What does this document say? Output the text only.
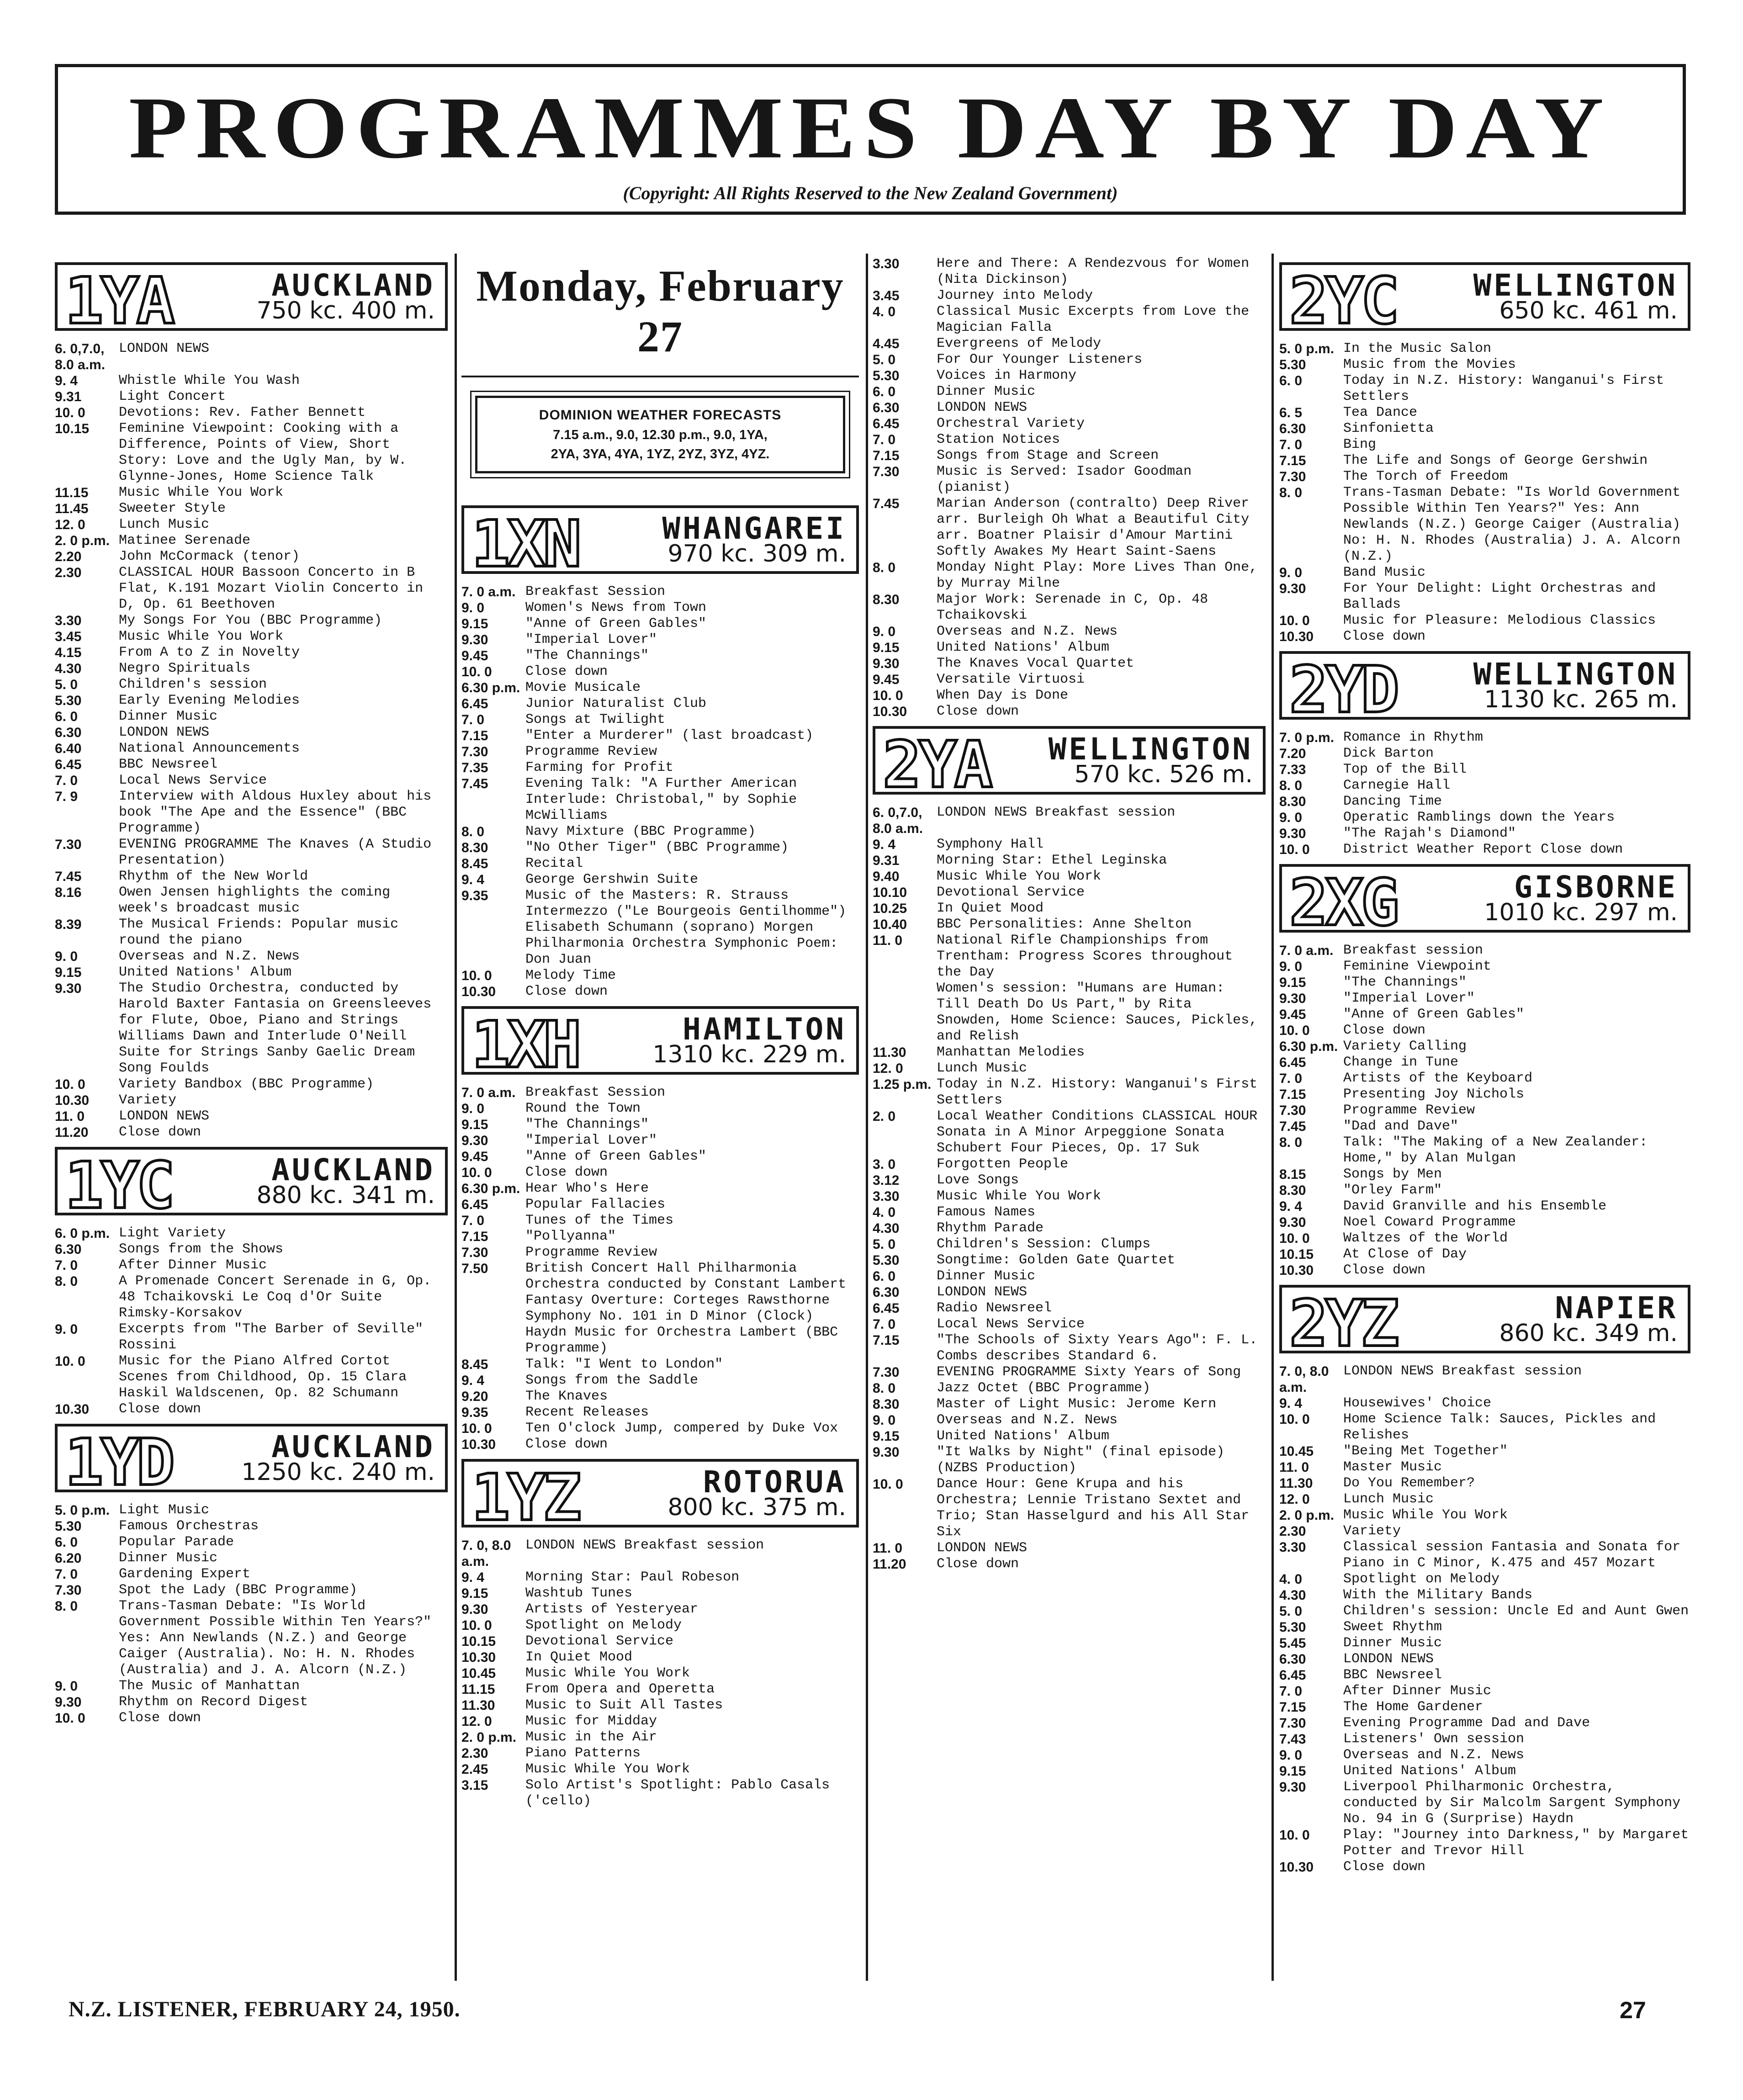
PROGRAMMES DAY BY DAY
(Copyright: All Rights Reserved to the New Zealand Government)
1YA	AUCKLAND
750 kc. 400 m.
6. 0,7.0, 8.0 a.m.
LONDON NEWS
9. 4	Whistle While You Wash
9.31	Light Concert
10. 0	Devotions: Rev. Father Bennett
10.15	Feminine Viewpoint: Cooking with a Difference, Points of View, Short Story: Love and the Ugly Man, by W. Glynne-Jones, Home Science Talk
11.15	Music While You Work
11.45	Sweeter Style
12. 0	Lunch Music
2. 0 p.m. Matinee Serenade
2.20	John McCormack (tenor)
2.30	CLASSICAL HOUR Bassoon Concerto in B Flat, K.191 Mozart Violin Concerto in D, Op. 61 Beethoven
3.30	My Songs For You (BBC Programme)
3.45	Music While You Work
4.15	From A to Z in Novelty
4.30	Negro Spirituals
5. 0	Children's session
5.30	Early Evening Melodies
6. 0	Dinner Music
6.30	LONDON NEWS
6.40	National Announcements
6.45	BBC Newsreel
7. 0	Local News Service
7. 9	Interview with Aldous Huxley about his book "The Ape and the Essence" (BBC Programme)
7.30	EVENING PROGRAMME The Knaves (A Studio Presentation)
7.45	Rhythm of the New World
8.16	Owen Jensen highlights the coming week's broadcast music
8.39	The Musical Friends: Popular music round the piano
9. 0	Overseas and N.Z. News
9.15	United Nations' Album
9.30	The Studio Orchestra, conducted by Harold Baxter Fantasia on Greensleeves for Flute, Oboe, Piano and Strings Williams Dawn and Interlude O'Neill Suite for Strings Sanby Gaelic Dream Song Foulds
10. 0	Variety Bandbox (BBC Programme)
10.30	Variety
11. 0	LONDON NEWS
11.20	Close down
1YC	AUCKLAND
880 kc. 341 m.
6. 0 p.m. Light Variety
6.30	Songs from the Shows
7. 0	After Dinner Music
8. 0	A Promenade Concert Serenade in G, Op. 48 Tchaikovski Le Coq d'Or Suite Rimsky-Korsakov
9. 0	Excerpts from "The Barber of Seville" Rossini
10. 0	Music for the Piano Alfred Cortot Scenes from Childhood, Op. 15 Clara Haskil Waldscenen, Op. 82 Schumann
10.30	Close down
1YD	AUCKLAND
1250 kc. 240 m.
5. 0 p.m. Light Music
5.30	Famous Orchestras
6. 0	Popular Parade
6.20	Dinner Music
7. 0	Gardening Expert
7.30	Spot the Lady (BBC Programme)
8. 0	Trans-Tasman Debate: "Is World Government Possible Within Ten Years?" Yes: Ann Newlands (N.Z.) and George Caiger (Australia). No: H. N. Rhodes (Australia) and J. A. Alcorn (N.Z.)
9. 0	The Music of Manhattan
9.30	Rhythm on Record Digest
10. 0	Close down
Monday, February 27
DOMINION WEATHER FORECASTS
7.15 a.m., 9.0, 12.30 p.m., 9.0, 1YA,
2YA, 3YA, 4YA, 1YZ, 2YZ, 3YZ, 4YZ.
1XN	WHANGAREI
970 kc. 309 m.
7. 0 a.m. Breakfast Session
9. 0	Women's News from Town
9.15	"Anne of Green Gables"
9.30	"Imperial Lover"
9.45	"The Channings"
10. 0	Close down
6.30 p.m. Movie Musicale
6.45	Junior Naturalist Club
7. 0	Songs at Twilight
7.15	"Enter a Murderer" (last broadcast)
7.30	Programme Review
7.35	Farming for Profit
7.45	Evening Talk: "A Further American Interlude: Christobal," by Sophie McWilliams
8. 0	Navy Mixture (BBC Programme)
8.30	"No Other Tiger" (BBC Programme)
8.45	Recital
9. 4	George Gershwin Suite
9.35	Music of the Masters: R. Strauss Intermezzo ("Le Bourgeois Gentilhomme") Elisabeth Schumann (soprano) Morgen Philharmonia Orchestra Symphonic Poem: Don Juan
10. 0	Melody Time
10.30	Close down
1XH	HAMILTON
1310 kc. 229 m.
7. 0 a.m. Breakfast Session
9. 0	Round the Town
9.15	"The Channings"
9.30	"Imperial Lover"
9.45	"Anne of Green Gables"
10. 0	Close down
6.30 p.m. Hear Who's Here
6.45	Popular Fallacies
7. 0	Tunes of the Times
7.15	"Pollyanna"
7.30	Programme Review
7.50	British Concert Hall Philharmonia Orchestra conducted by Constant Lambert Fantasy Overture: Corteges Rawsthorne Symphony No. 101 in D Minor (Clock) Haydn Music for Orchestra Lambert (BBC Programme)
8.45	Talk: "I Went to London"
9. 4	Songs from the Saddle
9.20	The Knaves
9.35	Recent Releases
10. 0	Ten O'clock Jump, compered by Duke Vox
10.30	Close down
1YZ	ROTORUA
800 kc. 375 m.
7. 0, 8.0 a.m.
LONDON NEWS Breakfast session
9. 4	Morning Star: Paul Robeson
9.15	Washtub Tunes
9.30	Artists of Yesteryear
10. 0	Spotlight on Melody
10.15	Devotional Service
10.30	In Quiet Mood
10.45	Music While You Work
11.15	From Opera and Operetta
11.30	Music to Suit All Tastes
12. 0	Music for Midday
2. 0 p.m. Music in the Air
2.30	Piano Patterns
2.45	Music While You Work
3.15	Solo Artist's Spotlight: Pablo Casals ('cello)
3.30	Here and There: A Rendezvous for Women (Nita Dickinson)
3.45	Journey into Melody
4. 0	Classical Music Excerpts from Love the Magician Falla
4.45	Evergreens of Melody
5. 0	For Our Younger Listeners
5.30	Voices in Harmony
6. 0	Dinner Music
6.30	LONDON NEWS
6.45	Orchestral Variety
7. 0	Station Notices
7.15	Songs from Stage and Screen
7.30	Music is Served: Isador Goodman (pianist)
7.45	Marian Anderson (contralto) Deep River arr. Burleigh Oh What a Beautiful City arr. Boatner Plaisir d'Amour Martini Softly Awakes My Heart Saint-Saens
8. 0	Monday Night Play: More Lives Than One, by Murray Milne
8.30	Major Work: Serenade in C, Op. 48 Tchaikovski
9. 0	Overseas and N.Z. News
9.15	United Nations' Album
9.30	The Knaves Vocal Quartet
9.45	Versatile Virtuosi
10. 0	When Day is Done
10.30	Close down
2YA WELLINGTON
570 kc. 526 m.
6. 0,7.0, 8.0 a.m.
LONDON NEWS Breakfast session
9. 4	Symphony Hall
9.31	Morning Star: Ethel Leginska
9.40	Music While You Work
10.10	Devotional Service
10.25	In Quiet Mood
10.40	BBC Personalities: Anne Shelton
11. 0	National Rifle Championships from Trentham: Progress Scores throughout the Day
Women's session: "Humans are Human: Till Death Do Us Part," by Rita Snowden, Home Science: Sauces, Pickles, and Relish
11.30	Manhattan Melodies
12. 0	Lunch Music
1.25 p.m. Today in N.Z. History: Wanganui's First Settlers
2. 0	Local Weather Conditions CLASSICAL HOUR Sonata in A Minor Arpeggione Sonata Schubert Four Pieces, Op. 17 Suk
3. 0	Forgotten People
3.12	Love Songs
3.30	Music While You Work
4. 0	Famous Names
4.30	Rhythm Parade
5. 0	Children's Session: Clumps
5.30	Songtime: Golden Gate Quartet
6. 0	Dinner Music
6.30	LONDON NEWS
6.45	Radio Newsreel
7. 0	Local News Service
7.15	"The Schools of Sixty Years Ago": F. L. Combs describes Standard 6.
7.30	EVENING PROGRAMME Sixty Years of Song
8. 0	Jazz Octet (BBC Programme)
8.30	Master of Light Music: Jerome Kern
9. 0	Overseas and N.Z. News
9.15	United Nations' Album
9.30	"It Walks by Night" (final episode) (NZBS Production)
10. 0	Dance Hour: Gene Krupa and his Orchestra; Lennie Tristano Sextet and Trio; Stan Hasselgurd and his All Star Six
11. 0	LONDON NEWS
11.20	Close down
2YC	WELLINGTON
650 kc. 461 m.
5. 0 p.m. In the Music Salon
5.30	Music from the Movies
6. 0	Today in N.Z. History: Wanganui's First Settlers
6. 5	Tea Dance
6.30	Sinfonietta
7. 0	Bing
7.15	The Life and Songs of George Gershwin
7.30	The Torch of Freedom
8. 0	Trans-Tasman Debate: "Is World Government Possible Within Ten Years?" Yes: Ann Newlands (N.Z.) George Caiger (Australia) No: H. N. Rhodes (Australia) J. A. Alcorn (N.Z.)
9. 0	Band Music
9.30	For Your Delight: Light Orchestras and Ballads
10. 0	Music for Pleasure: Melodious Classics
10.30	Close down
2YD	WELLINGTON
1130 kc. 265 m.
7. 0 p.m. Romance in Rhythm
7.20	Dick Barton
7.33	Top of the Bill
8. 0	Carnegie Hall
8.30	Dancing Time
9. 0	Operatic Ramblings down the Years
9.30	"The Rajah's Diamond"
10. 0	District Weather Report Close down
2XG	GISBORNE
1010 kc. 297 m.
7. 0 a.m. Breakfast session
9. 0	Feminine Viewpoint
9.15	"The Channings"
9.30	"Imperial Lover"
9.45	"Anne of Green Gables"
10. 0	Close down
6.30 p.m. Variety Calling
6.45	Change in Tune
7. 0	Artists of the Keyboard
7.15	Presenting Joy Nichols
7.30	Programme Review
7.45	"Dad and Dave"
8. 0	Talk: "The Making of a New Zealander: Home," by Alan Mulgan
8.15	Songs by Men
8.30	"Orley Farm"
9. 4	David Granville and his Ensemble
9.30	Noel Coward Programme
10. 0	Waltzes of the World
10.15	At Close of Day
10.30	Close down
2YZ	NAPIER
860 kc. 349 m.
7. 0, 8.0 a.m.
LONDON NEWS Breakfast session
9. 4	Housewives' Choice
10. 0	Home Science Talk: Sauces, Pickles and Relishes
10.45	"Being Met Together"
11. 0	Master Music
11.30	Do You Remember?
12. 0	Lunch Music
2. 0 p.m. Music While You Work
2.30	Variety
3.30	Classical session Fantasia and Sonata for Piano in C Minor, K.475 and 457 Mozart
4. 0	Spotlight on Melody
4.30	With the Military Bands
5. 0	Children's session: Uncle Ed and Aunt Gwen
5.30	Sweet Rhythm
5.45	Dinner Music
6.30	LONDON NEWS
6.45	BBC Newsreel
7. 0	After Dinner Music
7.15	The Home Gardener
7.30	Evening Programme Dad and Dave
7.43	Listeners' Own session
9. 0	Overseas and N.Z. News
9.15	United Nations' Album
9.30	Liverpool Philharmonic Orchestra, conducted by Sir Malcolm Sargent Symphony No. 94 in G (Surprise) Haydn
10. 0	Play: "Journey into Darkness," by Margaret Potter and Trevor Hill
10.30	Close down
N.Z. LISTENER, FEBRUARY 24, 1950.	27
